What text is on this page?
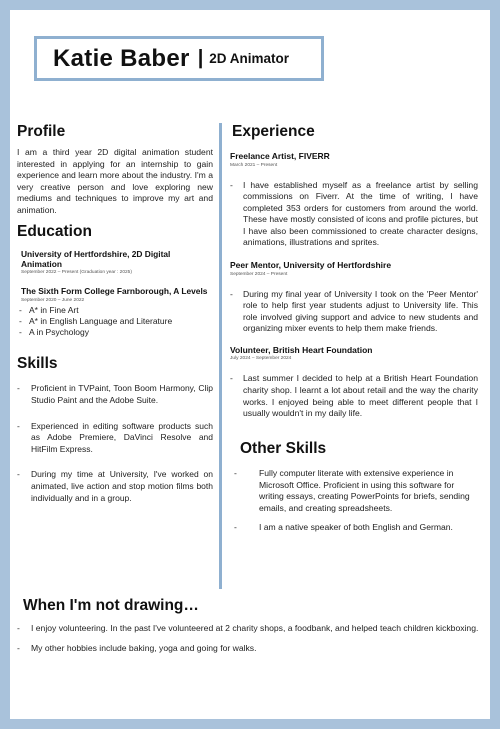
Katie Baber | 2D Animator
Profile

I am a third year 2D digital animation student interested in applying for an internship to gain experience and learn more about the industry. I'm a very creative person and love exploring new mediums and techniques to improve my art and animation.

Education
University of Hertfordshire, 2D Digital Animation
September 2022 – Present (Graduation year : 2025)
The Sixth Form College Farnborough, A Levels
September 2020 – June 2022
- A* in Fine Art
- A* in English Language and Literature
- A in Psychology
Skills
- Proficient in TVPaint, Toon Boom Harmony, Clip Studio Paint and the Adobe Suite.
- Experienced in editing software products such as Adobe Premiere, DaVinci Resolve and HitFilm Express.
- During my time at University, I've worked on animated, live action and stop motion films both individually and in a group.
Experience
Freelance Artist, FIVERR
March 2021 – Present
- I have established myself as a freelance artist by selling commissions on Fiverr. At the time of writing, I have completed 353 orders for customers from around the world. These have mostly consisted of icons and profile pictures, but I have also been commissioned to create character designs, animations, illustrations and sprites.
Peer Mentor, University of Hertfordshire
September 2024 – Present
- During my final year of University I took on the 'Peer Mentor' role to help first year students adjust to University life. This role involved giving support and advice to new students and organizing mixer events to help them make friends.
Volunteer, British Heart Foundation
July 2024 – September 2024
- Last summer I decided to help at a British Heart Foundation charity shop. I learnt a lot about retail and the way the charity works. I enjoyed being able to meet different people that I usually wouldn't in my daily life.
Other Skills
-	Fully computer literate with extensive experience in Microsoft Office. Proficient in using this software for writing essays, creating PowerPoints for briefs, sending emails, and creating spreadsheets.
-	I am a native speaker of both English and German.
When I'm not drawing…
- I enjoy volunteering. In the past I've volunteered at 2 charity shops, a foodbank, and helped teach children kickboxing.
- My other hobbies include baking, yoga and going for walks.
